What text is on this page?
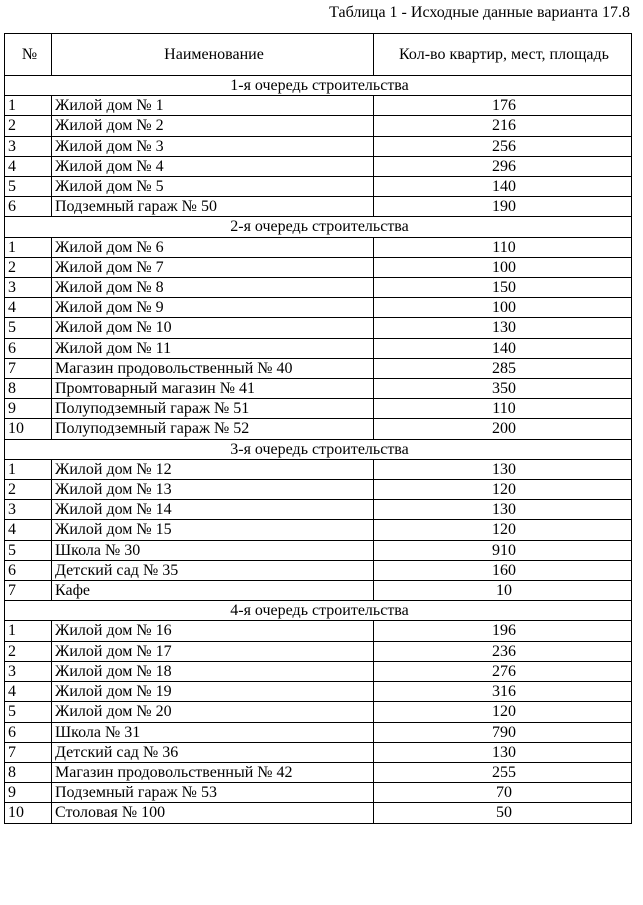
Таблица 1 - Исходные данные варианта 17.8
№	Наименование	Кол-во квартир, мест, площадь
1-я очередь строительства		
1	Жилой дом № 1	176
2	Жилой дом № 2	216
3	Жилой дом № 3	256
4	Жилой дом № 4	296
5	Жилой дом № 5	140
6	Подземный гараж № 50	190
2-я очередь строительства		
1	Жилой дом № 6	110
2	Жилой дом № 7	100
3	Жилой дом № 8	150
4	Жилой дом № 9	100
5	Жилой дом № 10	130
6	Жилой дом № 11	140
7	Магазин продовольственный № 40	285
8	Промтоварный магазин № 41	350
9	Полуподземный гараж № 51	110
10	Полуподземный гараж № 52	200
3-я очередь строительства		
1	Жилой дом № 12	130
2	Жилой дом № 13	120
3	Жилой дом № 14	130
4	Жилой дом № 15	120
5	Школа № 30	910
6	Детский сад № 35	160
7	Кафе	10
4-я очередь строительства		
1	Жилой дом № 16	196
2	Жилой дом № 17	236
3	Жилой дом № 18	276
4	Жилой дом № 19	316
5	Жилой дом № 20	120
6	Школа № 31	790
7	Детский сад № 36	130
8	Магазин продовольственный № 42	255
9	Подземный гараж № 53	70
10	Столовая № 100	50
